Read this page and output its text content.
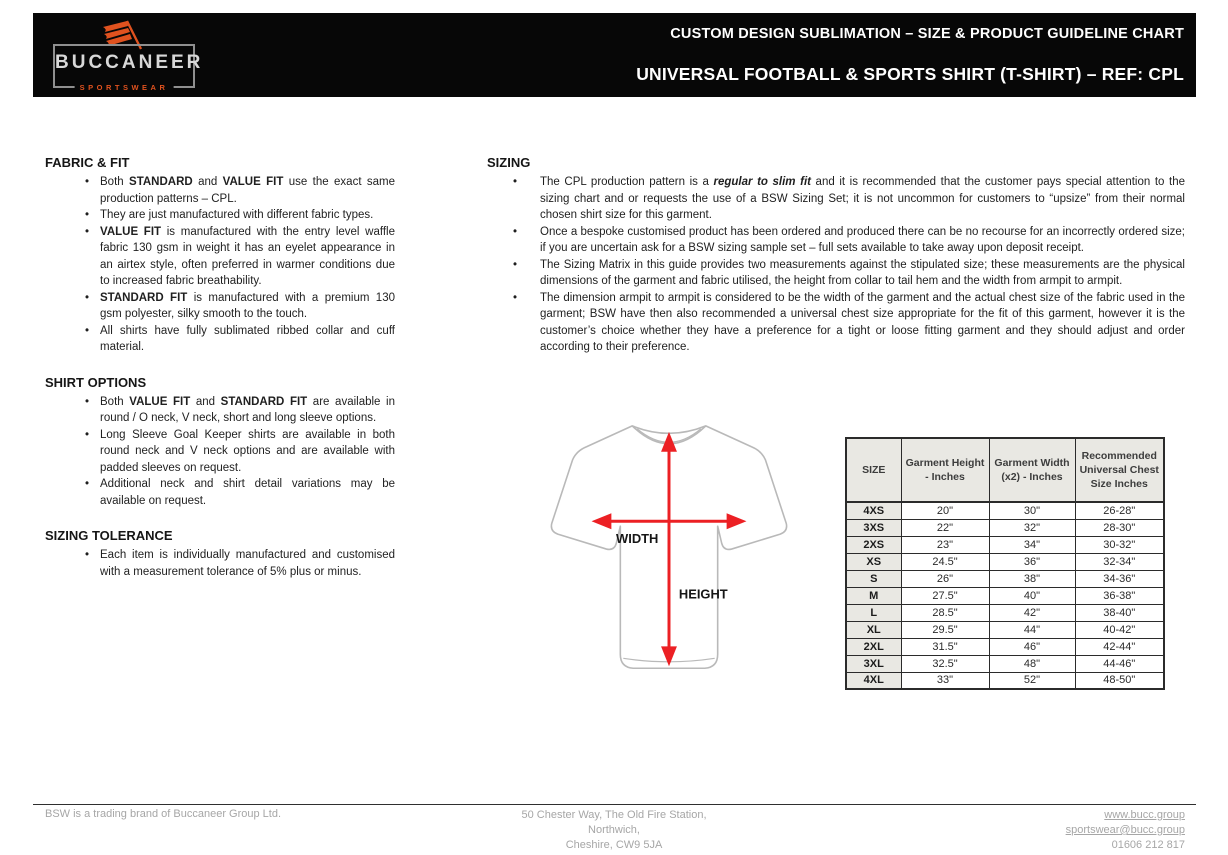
BUCCANEER
SPORTSWEAR
CUSTOM DESIGN SUBLIMATION – SIZE & PRODUCT GUIDELINE CHART
UNIVERSAL FOOTBALL & SPORTS SHIRT (T-SHIRT) – REF: CPL
FABRIC & FIT
• Both STANDARD and VALUE FIT use the exact same production patterns – CPL.
• They are just manufactured with different fabric types.
• VALUE FIT is manufactured with the entry level waffle fabric 130 gsm in weight it has an eyelet appearance in an airtex style, often preferred in warmer conditions due to increased fabric breathability.
• STANDARD FIT is manufactured with a premium 130 gsm polyester, silky smooth to the touch.
• All shirts have fully sublimated ribbed collar and cuff material.
SHIRT OPTIONS
• Both VALUE FIT and STANDARD FIT are available in round / O neck, V neck, short and long sleeve options.
• Long Sleeve Goal Keeper shirts are available in both round neck and V neck options and are available with padded sleeves on request.
• Additional neck and shirt detail variations may be available on request.
SIZING TOLERANCE
• Each item is individually manufactured and customised with a measurement tolerance of 5% plus or minus.
SIZING
• The CPL production pattern is a regular to slim fit and it is recommended that the customer pays special attention to the sizing chart and or requests the use of a BSW Sizing Set; it is not uncommon for customers to “upsize” from their normal chosen shirt size for this garment.
• Once a bespoke customised product has been ordered and produced there can be no recourse for an incorrectly ordered size; if you are uncertain ask for a BSW sizing sample set – full sets available to take away upon deposit receipt.
• The Sizing Matrix in this guide provides two measurements against the stipulated size; these measurements are the physical dimensions of the garment and fabric utilised, the height from collar to tail hem and the width from armpit to armpit.
• The dimension armpit to armpit is considered to be the width of the garment and the actual chest size of the fabric used in the garment; BSW have then also recommended a universal chest size appropriate for the fit of this garment, however it is the customer’s choice whether they have a preference for a tight or loose fitting garment and they should adjust and order according to their preference.
WIDTH
HEIGHT
SIZE	Garment Height - Inches	Garment Width (x2) - Inches	Recommended Universal Chest Size Inches
4XS	20"	30"	26-28"
3XS	22"	32"	28-30"
2XS	23"	34"	30-32"
XS	24.5"	36"	32-34"
S	26"	38"	34-36"
M	27.5"	40"	36-38"
L	28.5"	42"	38-40"
XL	29.5"	44"	40-42"
2XL	31.5"	46"	42-44"
3XL	32.5"	48"	44-46"
4XL	33"	52"	48-50"
BSW is a trading brand of Buccaneer Group Ltd.	50 Chester Way, The Old Fire Station,
Northwich,
Cheshire, CW9 5JA
www.bucc.group
sportswear@bucc.group
01606 212 817
